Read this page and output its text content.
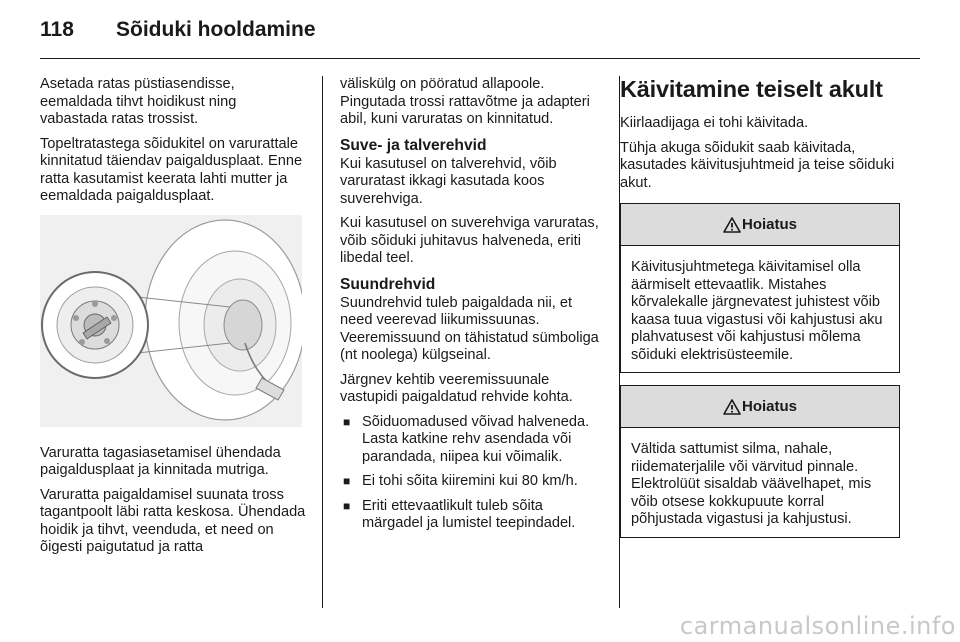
118 Sõiduki hooldamine

Asetada ratas püstiasendisse, eemaldada tihvt hoidikust ning vabastada ratas trossist.

Topeltratastega sõidukitel on varurattale kinnitatud täiendav paigaldusplaat. Enne ratta kasutamist keerata lahti mutter ja eemaldada paigaldusplaat.

Varuratta tagasiasetamisel ühendada paigaldusplaat ja kinnitada mutriga.

Varuratta paigaldamisel suunata tross tagantpoolt läbi ratta keskosa. Ühendada hoidik ja tihvt, veenduda, et need on õigesti paigutatud ja ratta

väliskülg on pööratud allapoole. Pingutada trossi rattavõtme ja adapteri abil, kuni varuratas on kinnitatud.

Suve- ja talverehvid

Kui kasutusel on talverehvid, võib varuratast ikkagi kasutada koos suverehviga.

Kui kasutusel on suverehviga varuratas, võib sõiduki juhitavus halveneda, eriti libedal teel.

Suundrehvid

Suundrehvid tuleb paigaldada nii, et need veerevad liikumissuunas. Veeremissuund on tähistatud sümboliga (nt noolega) külgseinal.

Järgnev kehtib veeremissuunale vastupidi paigaldatud rehvide kohta.

■ Sõiduomadused võivad halveneda. Lasta katkine rehv asendada või parandada, niipea kui võimalik.
■ Ei tohi sõita kiiremini kui 80 km/h.
■ Eriti ettevaatlikult tuleb sõita märgadel ja lumistel teepindadel.
Käivitamine teiselt akult

Kiirlaadijaga ei tohi käivitada.

Tühja akuga sõidukit saab käivitada, kasutades käivitusjuhtmeid ja teise sõiduki akut.

Hoiatus

Käivitusjuhtmetega käivitamisel olla äärmiselt ettevaatlik. Mistahes kõrvalekalle järgnevatest juhistest võib kaasa tuua vigastusi või kahjustusi aku plahvatusest või kahjustusi mõlema sõiduki elektrisüsteemile.

Hoiatus

Vältida sattumist silma, nahale, riidematerjalile või värvitud pinnale. Elektrolüüt sisaldab väävelhapet, mis võib otsese kokkupuute korral põhjustada vigastusi ja kahjustusi.

carmanualsonline.info
